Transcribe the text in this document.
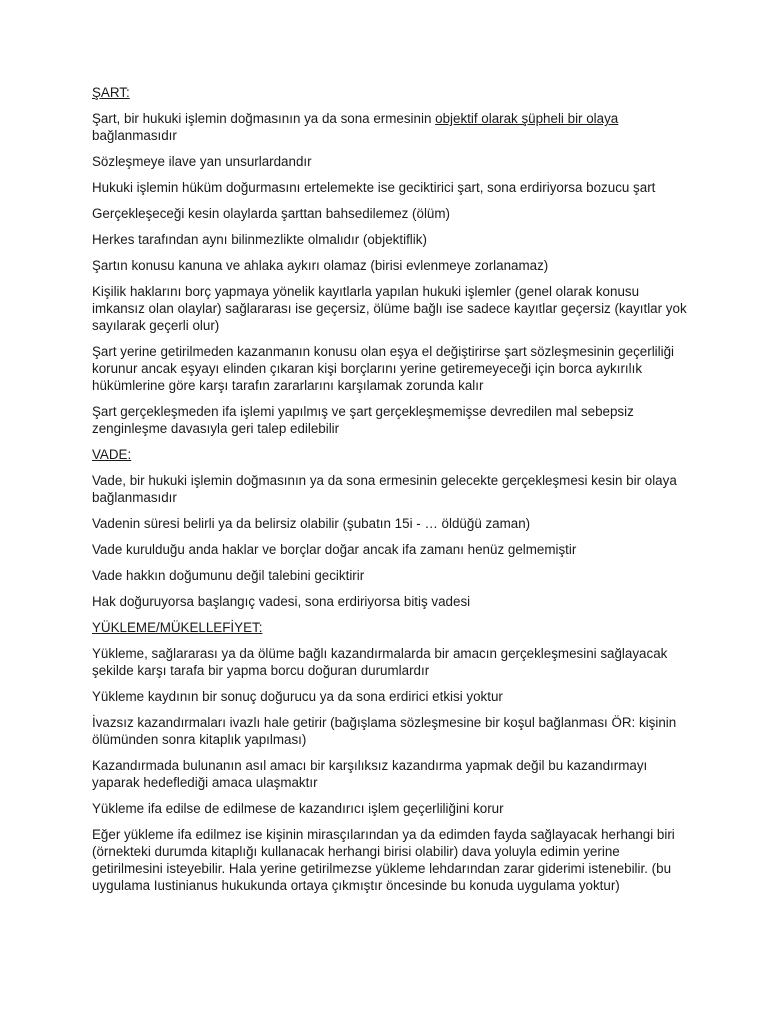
ŞART:

Şart, bir hukuki işlemin doğmasının ya da sona ermesinin objektif olarak şüpheli bir olaya bağlanmasıdır

Sözleşmeye ilave yan unsurlardandır

Hukuki işlemin hüküm doğurmasını ertelemekte ise geciktirici şart, sona erdiriyorsa bozucu şart

Gerçekleşeceği kesin olaylarda şarttan bahsedilemez (ölüm)

Herkes tarafından aynı bilinmezlikte olmalıdır (objektiflik)

Şartın konusu kanuna ve ahlaka aykırı olamaz (birisi evlenmeye zorlanamaz)

Kişilik haklarını borç yapmaya yönelik kayıtlarla yapılan hukuki işlemler (genel olarak konusu imkansız olan olaylar) sağlararası ise geçersiz, ölüme bağlı ise sadece kayıtlar geçersiz (kayıtlar yok sayılarak geçerli olur)

Şart yerine getirilmeden kazanmanın konusu olan eşya el değiştirirse şart sözleşmesinin geçerliliği korunur ancak eşyayı elinden çıkaran kişi borçlarını yerine getiremeyeceği için borca aykırılık hükümlerine göre karşı tarafın zararlarını karşılamak zorunda kalır

Şart gerçekleşmeden ifa işlemi yapılmış ve şart gerçekleşmemişse devredilen mal sebepsiz zenginleşme davasıyla geri talep edilebilir

VADE:

Vade, bir hukuki işlemin doğmasının ya da sona ermesinin gelecekte gerçekleşmesi kesin bir olaya bağlanmasıdır

Vadenin süresi belirli ya da belirsiz olabilir (şubatın 15i - … öldüğü zaman)

Vade kurulduğu anda haklar ve borçlar doğar ancak ifa zamanı henüz gelmemiştir

Vade hakkın doğumunu değil talebini geciktirir

Hak doğuruyorsa başlangıç vadesi, sona erdiriyorsa bitiş vadesi

YÜKLEME/MÜKELLEFİYET:

Yükleme, sağlararası ya da ölüme bağlı kazandırmalarda bir amacın gerçekleşmesini sağlayacak şekilde karşı tarafa bir yapma borcu doğuran durumlardır

Yükleme kaydının bir sonuç doğurucu ya da sona erdirici etkisi yoktur

İvazsız kazandırmaları ivazlı hale getirir (bağışlama sözleşmesine bir koşul bağlanması ÖR: kişinin ölümünden sonra kitaplık yapılması)

Kazandırmada bulunanın asıl amacı bir karşılıksız kazandırma yapmak değil bu kazandırmayı yaparak hedeflediği amaca ulaşmaktır

Yükleme ifa edilse de edilmese de kazandırıcı işlem geçerliliğini korur

Eğer yükleme ifa edilmez ise kişinin mirasçılarından ya da edimden fayda sağlayacak herhangi biri (örnekteki durumda kitaplığı kullanacak herhangi birisi olabilir) dava yoluyla edimin yerine getirilmesini isteyebilir. Hala yerine getirilmezse yükleme lehdarından zarar giderimi istenebilir. (bu uygulama Iustinianus hukukunda ortaya çıkmıştır öncesinde bu konuda uygulama yoktur)
